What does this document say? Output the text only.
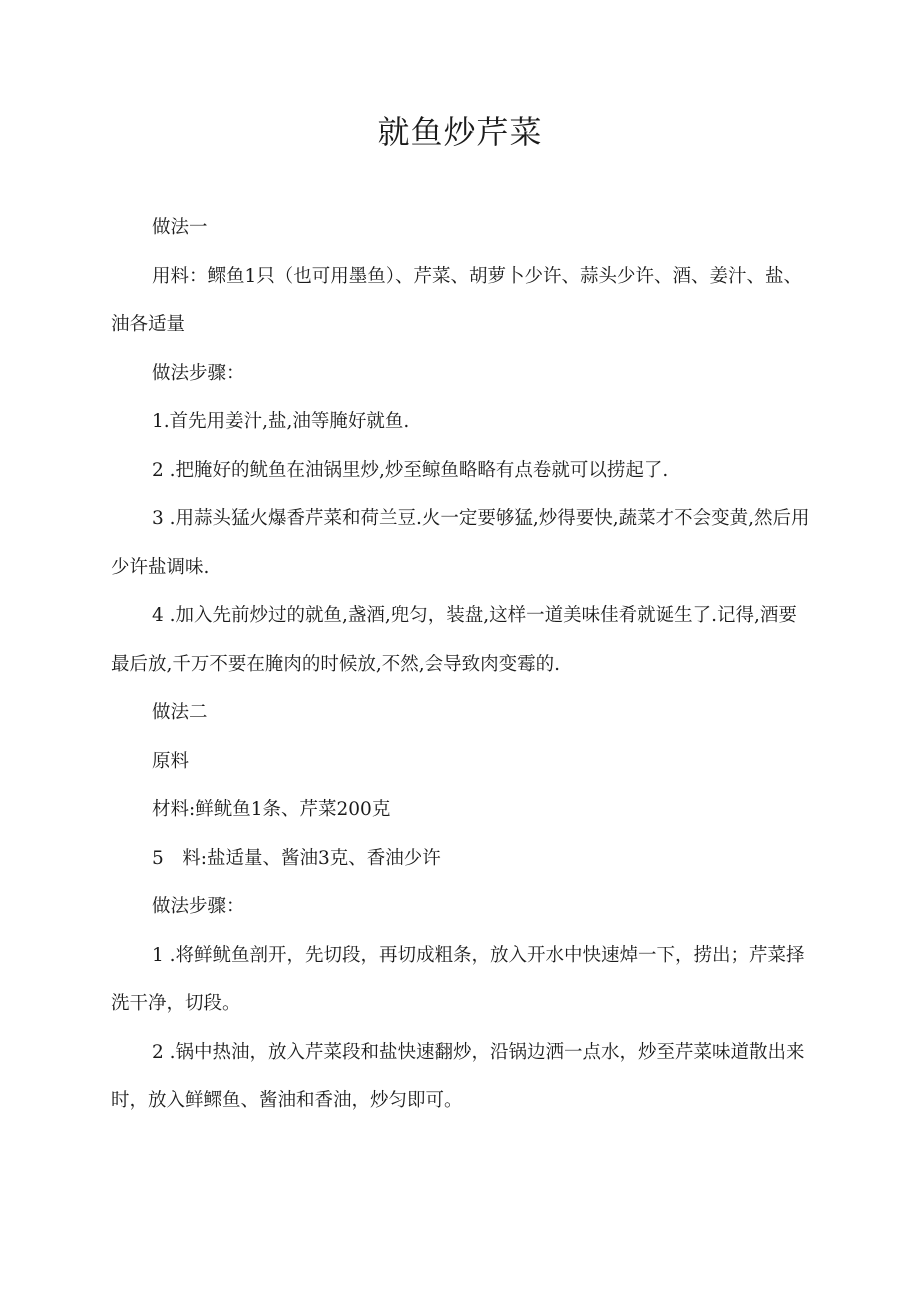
就鱼炒芹菜

做法一

用料：鳏鱼1只（也可用墨鱼）、芹菜、胡萝卜少许、蒜头少许、酒、姜汁、盐、油各适量

做法步骤：

1.首先用姜汁,盐,油等腌好就鱼.

2 .把腌好的鱿鱼在油锅里炒,炒至鲸鱼略略有点卷就可以捞起了.

3 .用蒜头猛火爆香芹菜和荷兰豆.火一定要够猛,炒得要快,蔬菜才不会变黄,然后用少许盐调味.

4 .加入先前炒过的就鱼,盏酒,兜匀，装盘,这样一道美味佳肴就诞生了.记得,酒要最后放,千万不要在腌肉的时候放,不然,会导致肉变霉的.

做法二

原料

材料:鲜鱿鱼1条、芹菜200克

5　料:盐适量、酱油3克、香油少许

做法步骤：

1 .将鲜鱿鱼剖开，先切段，再切成粗条，放入开水中快速焯一下，捞出；芹菜择洗干净，切段。

2 .锅中热油，放入芹菜段和盐快速翻炒，沿锅边洒一点水，炒至芹菜味道散出来时，放入鲜鳏鱼、酱油和香油，炒匀即可。
